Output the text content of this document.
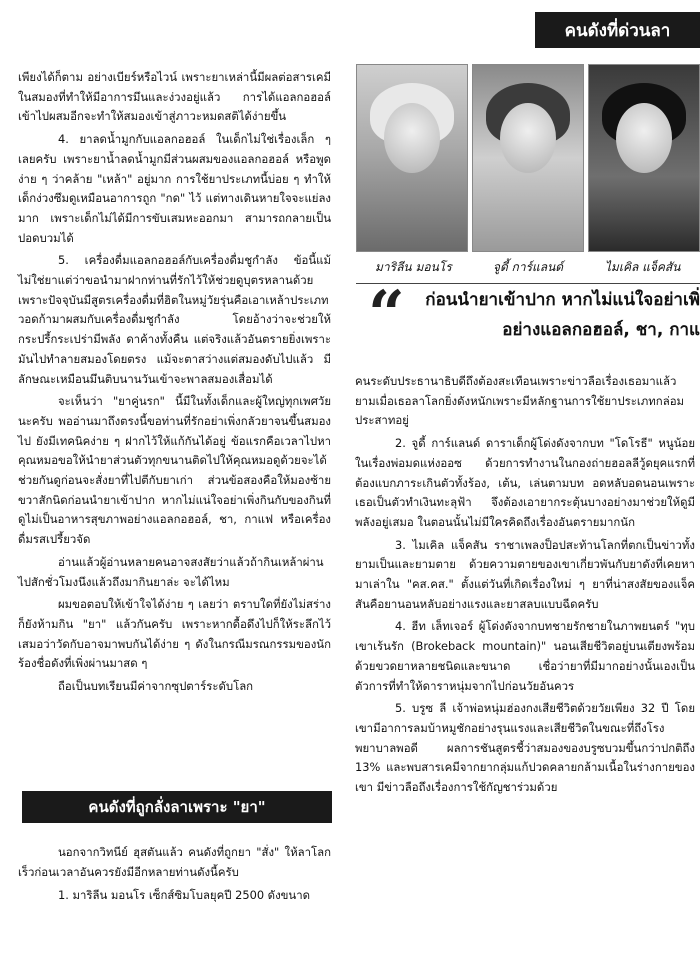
คนดังที่ด่วนลา

เพียงได้ก็ตาม อย่างเบียร์หรือไวน์ เพราะยาเหล่านี้มีผลต่อสารเคมีในสมองที่ทำให้มีอาการมึนและง่วงอยู่แล้ว การได้แอลกอฮอล์เข้าไปผสมอีกจะทำให้สมองเข้าสู่ภาวะหมดสติได้ง่ายขึ้น

4. ยาลดน้ำมูกกับแอลกอฮอล์ ในเด็กไม่ใช่เรื่องเล็ก ๆ เลยครับ เพราะยาน้ำลดน้ำมูกมีส่วนผสมของแอลกอฮอล์ หรือพูดง่าย ๆ ว่าคล้าย "เหล้า" อยู่มาก การใช้ยาประเภทนี้บ่อย ๆ ทำให้เด็กง่วงซึมดูเหมือนอาการถูก "กด" ไว้ แต่ทางเดินหายใจจะแย่ลงมาก เพราะเด็กไม่ได้มีการขับเสมหะออกมา สามารถกลายเป็นปอดบวมได้

5. เครื่องดื่มแอลกอฮอล์กับเครื่องดื่มชูกำลัง ข้อนี้แม้ไม่ใช่ยาแต่ว่าขอนำมาฝากท่านที่รักไว้ให้ช่วยดูบุตรหลานด้วย เพราะปัจจุบันมีสูตรเครื่องดื่มที่ฮิตในหมู่วัยรุ่นคือเอาเหล้าประเภทวอดก้ามาผสมกับเครื่องดื่มชูกำลัง โดยอ้างว่าจะช่วยให้กระปรี้กระเปร่ามีพลัง ดาค้างทั้งคืน แต่จริงแล้วอันตรายยิ่งเพราะมันไปทำลายสมองโดยตรง แม้จะตาสว่างแต่สมองดับไปแล้ว มีลักษณะเหมือนมึนติบนานวันเข้าจะพาลสมองเสื่อมได้

จะเห็นว่า "ยาคู่นรก" นี้มีในทั้งเด็กและผู้ใหญ่ทุกเพศวัยนะครับ พออ่านมาถึงตรงนี้ขอท่านที่รักอย่าเพิ่งกลัวยาจนขึ้นสมองไป ยังมีเทคนิคง่าย ๆ ฝากไว้ให้แก้กันได้อยู่ ข้อแรกคือเวลาไปหาคุณหมอขอให้นำยาส่วนตัวทุกขนานติดไปให้คุณหมอดูด้วยจะได้ช่วยกันดูก่อนจะสั่งยาที่ไปตีกับยาเก่า ส่วนข้อสองคือให้มองซ้ายขวาสักนิดก่อนนำยาเข้าปาก หากไม่แน่ใจอย่าเพิ่งกินกับของกินที่ดูไม่เป็นอาหารสุขภาพอย่างแอลกอฮอล์, ชา, กาแฟ หรือเครื่องดื่มรสเปรี้ยวจัด

อ่านแล้วผู้อ่านหลายคนอาจสงสัยว่าแล้วถ้ากินเหล้าผ่านไปสักชั่วโมงนึงแล้วถึงมากินยาล่ะ จะได้ไหม

ผมขอตอบให้เข้าใจได้ง่าย ๆ เลยว่า ตราบใดที่ยังไม่สร่างก็ยังห้ามกิน "ยา" แล้วกันครับ เพราะหากดื้อดึงไปก็ให้ระลึกไว้เสมอว่าวัดกับอาจมาพบกันได้ง่าย ๆ ดังในกรณีมรณกรรมของนักร้องชื่อดังที่เพิ่งผ่านมาสด ๆ

ถือเป็นบทเรียนมีค่าจากซุปตาร์ระดับโลก

คนดังที่ถูกลั่งลาเพราะ "ยา"

นอกจากวิทนีย์ ฮุสตันแล้ว คนดังที่ถูกยา "สั่ง" ให้ลาโลกเร็วก่อนเวลาอันควรยังมีอีกหลายท่านดังนี้ครับ

1. มาริลีน มอนโร เซ็กส์ซิมโบลยุคปี 2500 ดังขนาด

มาริลีน มอนโร	จูดี้ การ์แลนด์	ไมเคิล แจ็คสัน
“	ก่อนนำยาเข้าปาก หากไม่แน่ใจอย่าเพิ่
อย่างแอลกอฮอล์, ชา, กาแ

คนระดับประธานาธิบดีถึงต้องสะเทือนเพราะข่าวลือเรื่องเธอมาแล้ว ยามเมื่อเธอลาโลกยิ่งดังหนักเพราะมีหลักฐานการใช้ยาประเภทกล่อมประสาทอยู่

2. จูดี้ การ์แลนด์ ดาราเด็กผู้โด่งดังจากบท "โดโรธี" หนูน้อยในเรื่องพ่อมดแห่งออซ ด้วยการทำงานในกองถ่ายฮอลลีวู้ดยุคแรกที่ต้องแบกภาระเกินตัวทั้งร้อง, เต้น, เล่นตามบท อดหลับอดนอนเพราะเธอเป็นตัวทำเงินทะลุฟ้า จึงต้องเอายากระตุ้นบางอย่างมาช่วยให้ดูมีพลังอยู่เสมอ ในตอนนั้นไม่มีใครคิดถึงเรื่องอันตรายมากนัก

3. ไมเคิล แจ็คสัน ราชาเพลงป็อปสะท้านโลกที่ตกเป็นข่าวทั้งยามเป็นและยามตาย ด้วยความตายของเขาเกี่ยวพันกับยาดังที่เคยหามาเล่าใน "คส.คส." ตั้งแต่วันที่เกิดเรื่องใหม่ ๆ ยาที่น่าสงสัยของแจ็คสันคือยานอนหลับอย่างแรงและยาสลบแบบฉีดครับ

4. ฮีท เล็ทเจอร์ ผู้โด่งดังจากบทชายรักชายในภาพยนตร์ "ทุบเขาเร้นรัก (Brokeback mountain)" นอนเสียชีวิตอยู่บนเตียงพร้อมด้วยขวดยาหลายชนิดและขนาด เชื่อว่ายาที่มีมากอย่างนั้นเองเป็นตัวการที่ทำให้ดาราหนุ่มจากไปก่อนวัยอันควร

5. บรูซ ลี เจ้าพ่อหนุ่มฮ่องกงเสียชีวิตด้วยวัยเพียง 32 ปี โดยเขามีอาการลมบ้าหมูชักอย่างรุนแรงและเสียชีวิตในขณะที่ถึงโรงพยาบาลพอดี ผลการชันสูตรชี้ว่าสมองของบรูซบวมขึ้นกว่าปกติถึง 13% และพบสารเคมีจากยากลุ่มแก้ปวดคลายกล้ามเนื้อในร่างกายของเขา มีข่าวลือถึงเรื่องการใช้กัญชาร่วมด้วย
